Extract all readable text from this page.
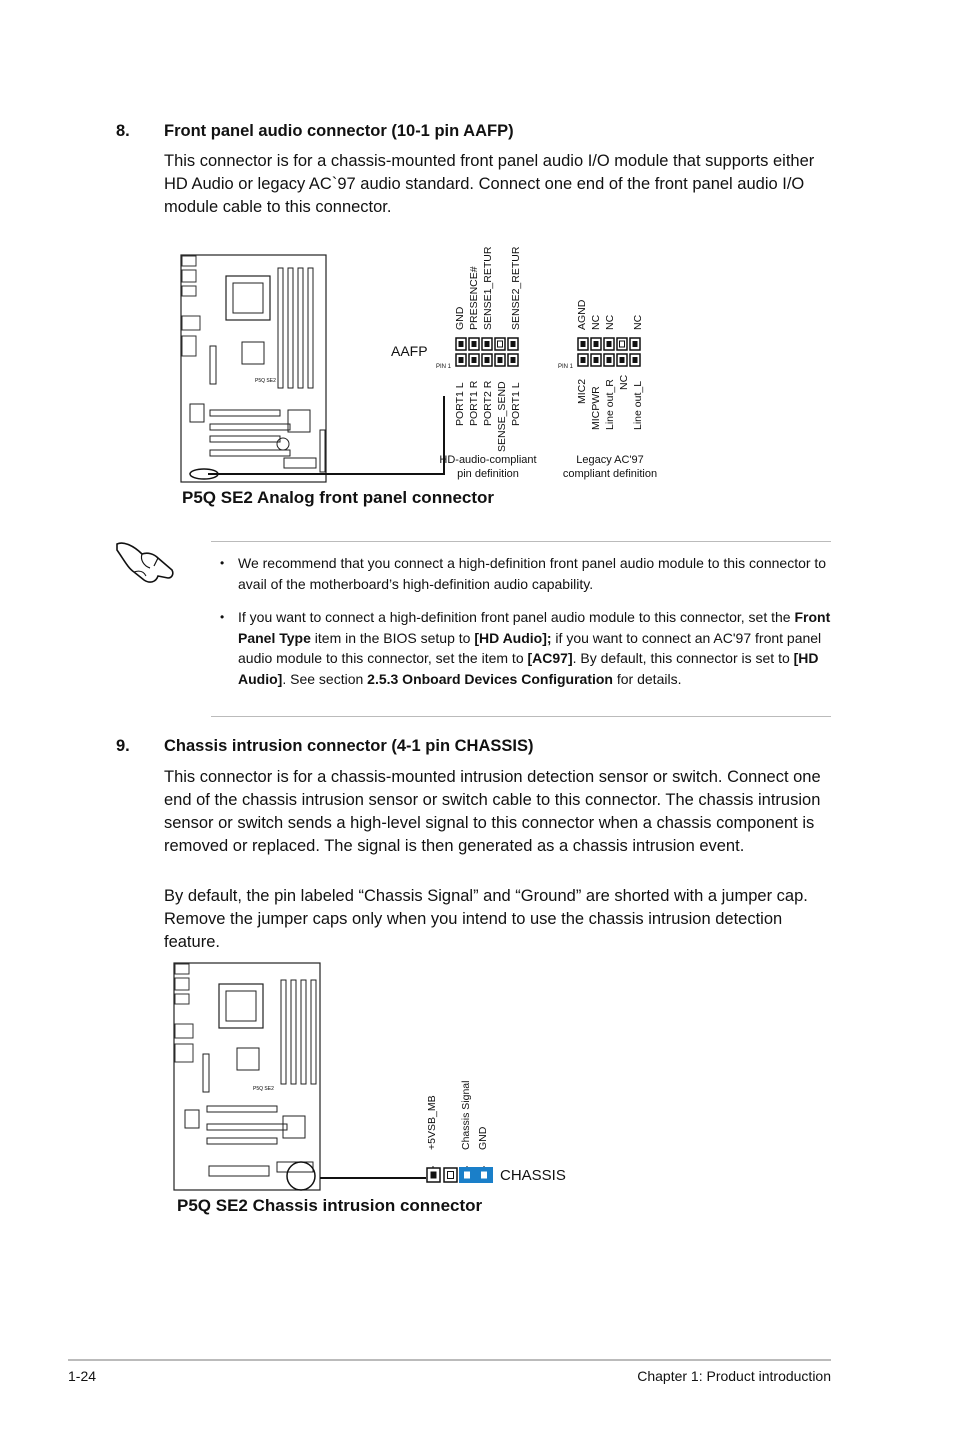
8. Front panel audio connector (10-1 pin AAFP)
This connector is for a chassis-mounted front panel audio I/O module that supports either HD Audio or legacy AC`97 audio standard. Connect one end of the front panel audio I/O module cable to this connector.
P5Q SE2
AAFP
PIN 1	PIN 1
GND PRESENCE# SENSE1_RETUR SENSE2_RETUR
PORT1 L PORT1 R PORT2 R SENSE_SEND PORT1 L
AGND NC NC NC
MIC2 MICPWR Line out_R NC Line out_L
HD-audio-compliant
pin definition
Legacy AC'97
compliant definition
P5Q SE2 Analog front panel connector
• We recommend that you connect a high-definition front panel audio module to this connector to avail of the motherboard’s high-definition audio capability.
• If you want to connect a high-definition front panel audio module to this connector, set the Front Panel Type item in the BIOS setup to [HD Audio]; if you want to connect an AC'97 front panel audio module to this connector, set the item to [AC97]. By default, this connector is set to [HD Audio]. See section 2.5.3 Onboard Devices Configuration for details.
9. Chassis intrusion connector (4-1 pin CHASSIS)
This connector is for a chassis-mounted intrusion detection sensor or switch. Connect one end of the chassis intrusion sensor or switch cable to this connector. The chassis intrusion sensor or switch sends a high-level signal to this connector when a chassis component is removed or replaced. The signal is then generated as a chassis intrusion event.
By default, the pin labeled “Chassis Signal” and “Ground” are shorted with a jumper cap. Remove the jumper caps only when you intend to use the chassis intrusion detection feature.
P5Q SE2
+5VSB_MB Chassis Signal GND
CHASSIS
P5Q SE2 Chassis intrusion connector
1-24	Chapter 1: Product introduction
